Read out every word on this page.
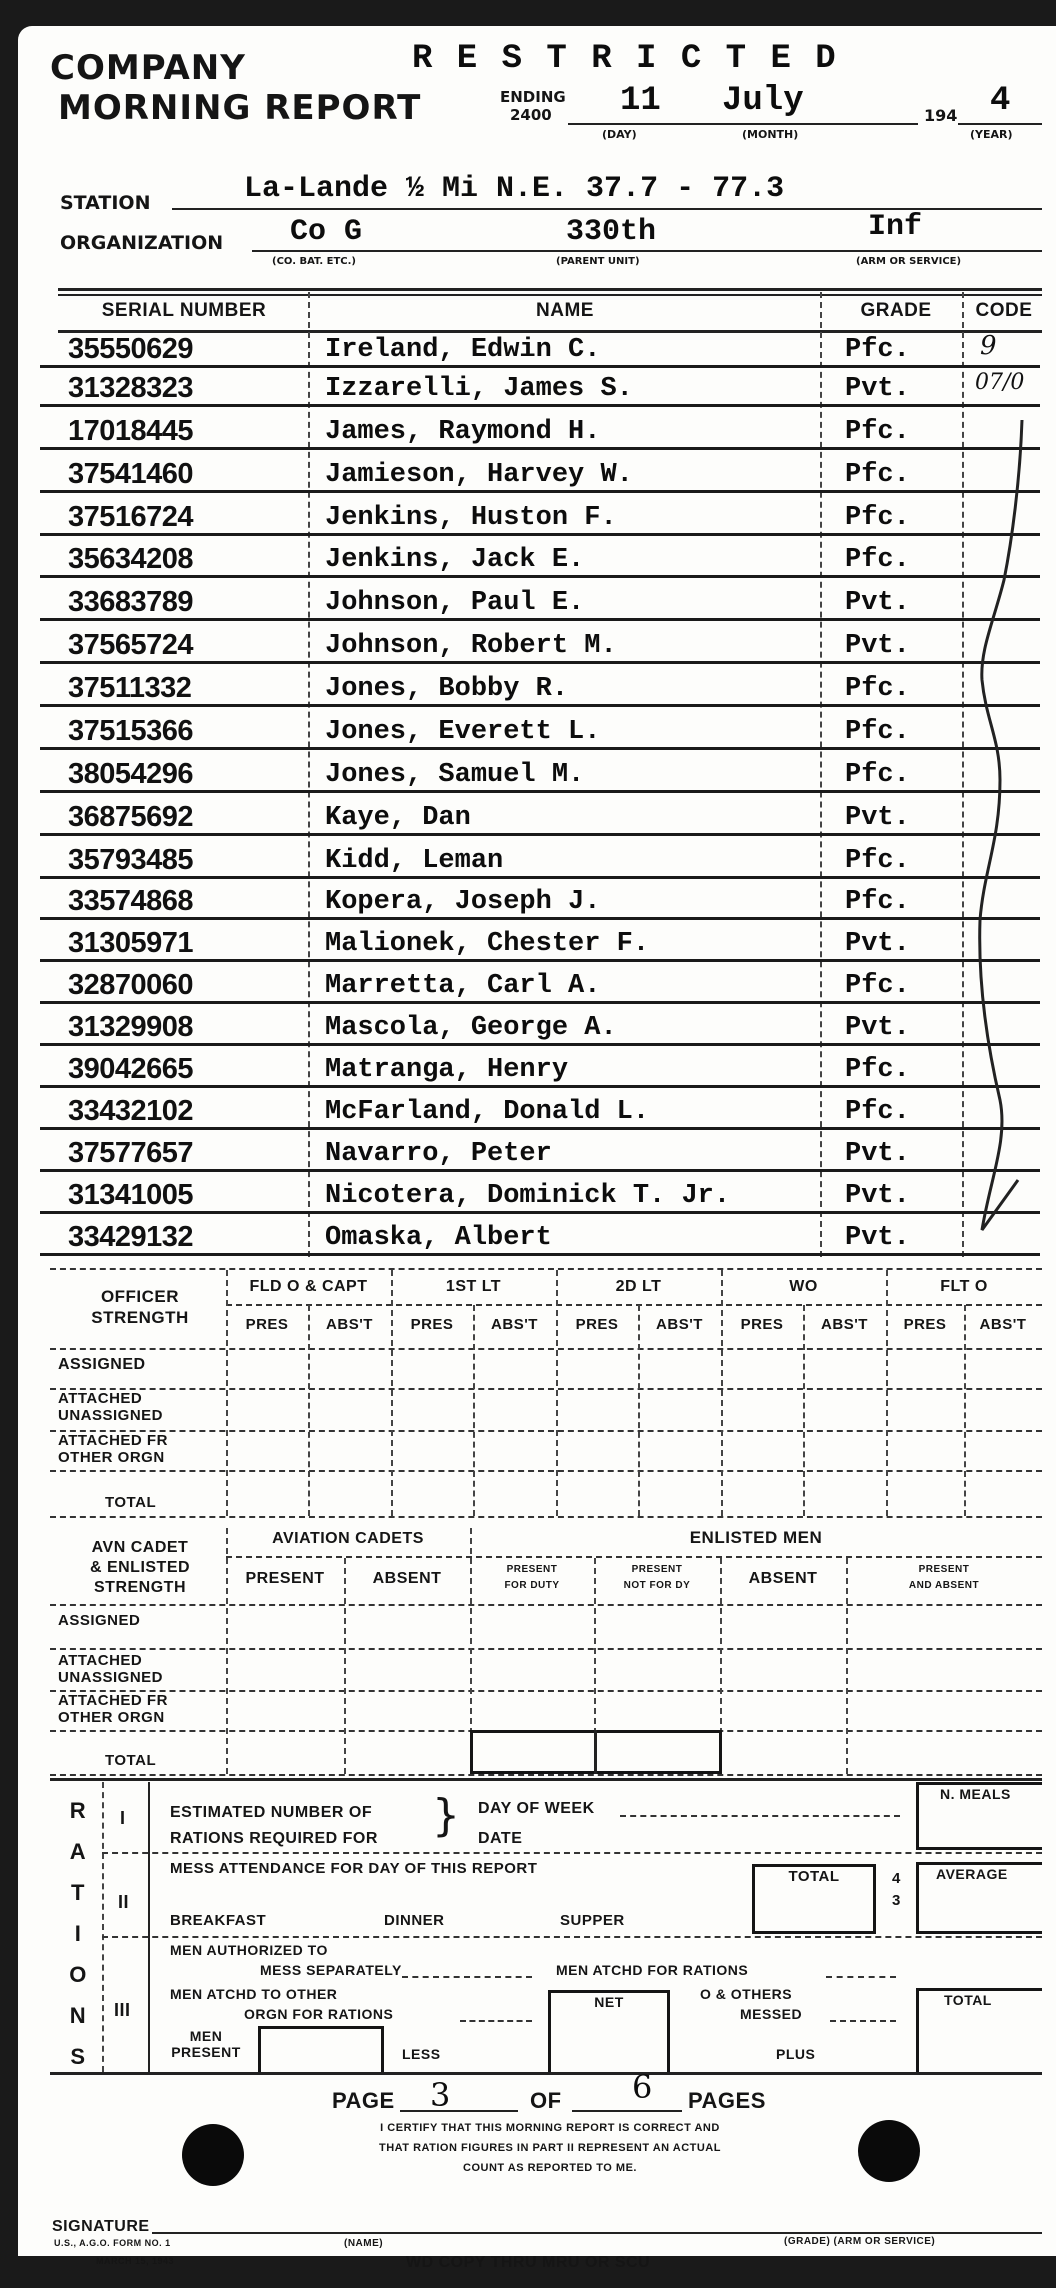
COMPANY
MORNING REPORT
R E S T R I C T E D
ENDING
2400 11 July	194 4
(DAY)	(MONTH)	(YEAR)
STATION	La-Lande ½ Mi N.E. 37.7 - 77.3
ORGANIZATION Co G	330th	Inf
(CO. BAT. ETC.)	(PARENT UNIT)	(ARM OR SERVICE)
SERIAL NUMBER	NAME	GRADE	CODE
35550629	Ireland, Edwin C.	Pfc.	9
31328323	Izzarelli, James S.	Pvt.	07/0
17018445	James, Raymond H.	Pfc.
37541460	Jamieson, Harvey W.	Pfc.
37516724	Jenkins, Huston F.	Pfc.
35634208	Jenkins, Jack E.	Pfc.
33683789	Johnson, Paul E.	Pvt.
37565724	Johnson, Robert M.	Pvt.
37511332	Jones, Bobby R.	Pfc.
37515366	Jones, Everett L.	Pfc.
38054296	Jones, Samuel M.	Pfc.
36875692	Kaye, Dan	Pvt.
35793485	Kidd, Leman	Pfc.
33574868	Kopera, Joseph J.	Pfc.
31305971	Malionek, Chester F.	Pvt.
32870060	Marretta, Carl A.	Pfc.
31329908	Mascola, George A.	Pvt.
39042665	Matranga, Henry	Pfc.
33432102	McFarland, Donald L.	Pfc.
37577657	Navarro, Peter	Pvt.
31341005	Nicotera, Dominick T. Jr.	Pvt.
33429132	Omaska, Albert	Pvt.
OFFICER
STRENGTH
FLD O & CAPT	1ST LT	2D LT	WO	FLT O
PRES	ABS'T	PRES	ABS'T	PRES	ABS'T	PRES	ABS'T	PRES	ABS'T
ASSIGNED
ATTACHED
UNASSIGNED
ATTACHED FR
OTHER ORGN
TOTAL
AVN CADET
& ENLISTED
STRENGTH
AVIATION CADETS	ENLISTED MEN
PRESENT	ABSENT
PRESENT
FOR DUTY
PRESENT
NOT FOR DY	ABSENT
PRESENT
AND ABSENT
ASSIGNED
ATTACHED
UNASSIGNED
ATTACHED FR
OTHER ORGN
TOTAL
R
A
T
I
O
N
S
I	ESTIMATED NUMBER OF
RATIONS REQUIRED FOR } DAY OF WEEK
DATE
N. MEALS
II
MESS ATTENDANCE FOR DAY OF THIS REPORT
BREAKFAST	DINNER	SUPPER
TOTAL	4
3
AVERAGE
III
MEN AUTHORIZED TO
MESS SEPARATELY	MEN ATCHD FOR RATIONS
MEN ATCHD TO OTHER
ORGN FOR RATIONS
NET	O & OTHERS
MESSED
TOTAL
MEN
PRESENT	LESS	PLUS
PAGE 3	OF 6 PAGES
I CERTIFY THAT THIS MORNING REPORT IS CORRECT AND
THAT RATION FIGURES IN PART II REPRESENT AN ACTUAL
COUNT AS REPORTED TO ME.
SIGNATURE
U.S., A.G.O. FORM NO. 1
MARCH 15, 1943
(NAME)	(GRADE) (ARM OR SERVICE)
WD COPY THRU MRU OR SCU
